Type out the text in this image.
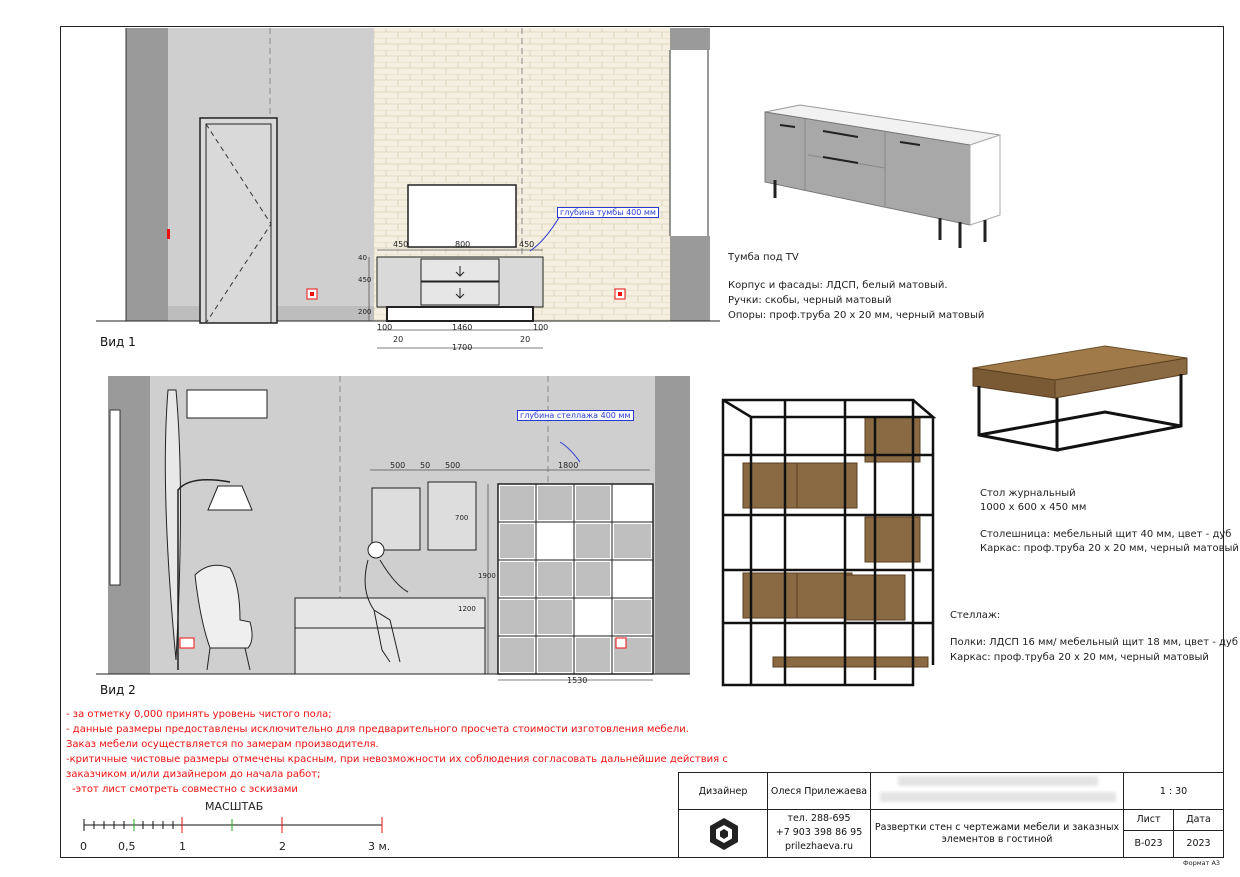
глубина тумбы 400 мм
450	800	450
40
450
200
100	1460	100
20	20
1700
Вид 1
глубина стеллажа 400 мм
500 50 500	1800
700
1900
1200
1530
Вид 2
Тумба под TV
Корпус и фасады: ЛДСП, белый матовый.
Ручки: скобы, черный матовый
Опоры: проф.труба 20 х 20 мм, черный матовый
Стол журнальный
1000 х 600 х 450 мм
Столешница: мебельный щит 40 мм, цвет - дуб
Каркас: проф.труба 20 х 20 мм, черный матовый
Стеллаж:
Полки: ЛДСП 16 мм/ мебельный щит 18 мм, цвет - дуб
Каркас: проф.труба 20 х 20 мм, черный матовый
- за отметку 0,000 принять уровень чистого пола;
- данные размеры предоставлены исключительно для предварительного просчета стоимости изготовления мебели.
Заказ мебели осуществляется по замерам производителя.
-критичные чистовые размеры отмечены красным, при невозможности их соблюдения согласовать дальнейшие действия с
заказчиком и/или дизайнером до начала работ;
-этот лист смотреть совместно с эскизами
МАСШТАБ
0	0,5	1	2	3 м.
Дизайнер	Олеся Прилежаева	1 : 30
тел. 288-695
+7 903 398 86 95
prilezhaeva.ru
Развертки стен с чертежами мебели и заказных элементов в гостиной
Лист	Дата
В-023	2023
Формат А3
